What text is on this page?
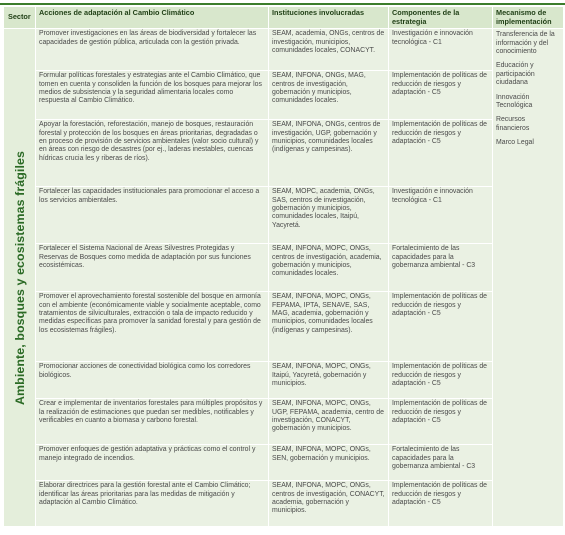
Sector	Acciones de adaptación al Cambio Climático	Instituciones involucradas	Componentes de la estrategia	Mecanismo de implementación

Ambiente, bosques y ecosistemas frágiles	Promover investigaciones en las áreas de biodiversidad y fortalecer las capacidades de gestión pública, articulada con la gestión privada.	SEAM, academia, ONGs, centros de investigación, municipios, comunidades locales, CONACYT.	Investigación e innovación tecnológica - C1	Transferencia de la información y del conocimiento
Educación y participación ciudadana
Innovación Tecnológica
Recursos financieros
Marco Legal

	Formular políticas forestales y estrategias ante el Cambio Climático, que tomen en cuenta y consoliden la función de los bosques para mejorar los medios de subsistencia y la seguridad alimentaria locales como respuesta al Cambio Climático.	SEAM, INFONA, ONGs, MAG, centros de investigación, gobernación y municipios, comunidades locales.	Implementación de políticas de reducción de riesgos y adaptación - C5	
	Apoyar la forestación, reforestación, manejo de bosques, restauración forestal y protección de los bosques en áreas prioritarias, degradadas o en proceso de provisión de servicios ambientales (valor socio cultural) y en áreas con riesgo de desastres (por ej., laderas inestables, cuencas hídricas crucia les y riberas de ríos).	SEAM, INFONA, ONGs, centros de investigación, UGP, gobernación y municipios, comunidades locales (indígenas y campesinas).	Implementación de políticas de reducción de riesgos y adaptación - C5	
	Fortalecer las capacidades institucionales para promocionar el acceso a los servicios ambientales.	SEAM, MOPC, academia, ONGs, SAS, centros de investigación, gobernación y municipios, comunidades locales, Itaipú, Yacyretá.	Investigación e innovación tecnológica - C1	
	Fortalecer el Sistema Nacional de Áreas Silvestres Protegidas y Reservas de Bosques como medida de adaptación por sus funciones ecosistémicas.	SEAM, INFONA, MOPC, ONGs, centros de investigación, academia, gobernación y municipios, comunidades locales.	Fortalecimiento de las capacidades para la gobernanza ambiental - C3	
	Promover el aprovechamiento forestal sostenible del bosque en armonía con el ambiente (económicamente viable y socialmente aceptable, como tratamientos de silviculturales, extracción o tala de impacto reducido y medidas específicas para promover la sanidad forestal y para gestión de los ecosistemas frágiles).	SEAM, INFONA, MOPC, ONGs, FEPAMA, IPTA, SENAVE, SAS, MAG, academia, gobernación y municipios, comunidades locales (indígenas y campesinas).	Implementación de políticas de reducción de riesgos y adaptación - C5	
	Promocionar acciones de conectividad biológica como los corredores biológicos.	SEAM, INFONA, MOPC, ONGs, Itaipú, Yacyretá, gobernación y municipios.	Implementación de políticas de reducción de riesgos y adaptación - C5	
	Crear e implementar de inventarios forestales para múltiples propósitos y la realización de estimaciones que puedan ser medibles, notificables y verificables en cuanto a biomasa y carbono forestal.	SEAM, INFONA, MOPC, ONGs, UGP, FEPAMA, academia, centro de investigación, CONACYT, gobernación y municipios.	Implementación de políticas de reducción de riesgos y adaptación - C5	
	Promover enfoques de gestión adaptativa y prácticas como el control y manejo integrado de incendios.	SEAM, INFONA, MOPC, ONGs, SEN, gobernación y municipios.	Fortalecimiento de las capacidades para la gobernanza ambiental - C3	
	Elaborar directrices para la gestión forestal ante el Cambio Climático; identificar las áreas prioritarias para las medidas de mitigación y adaptación al Cambio Climático.	SEAM, INFONA, MOPC, ONGs, centros de investigación, CONACYT, academia, gobernación y municipios.	Implementación de políticas de reducción de riesgos y adaptación - C5	
